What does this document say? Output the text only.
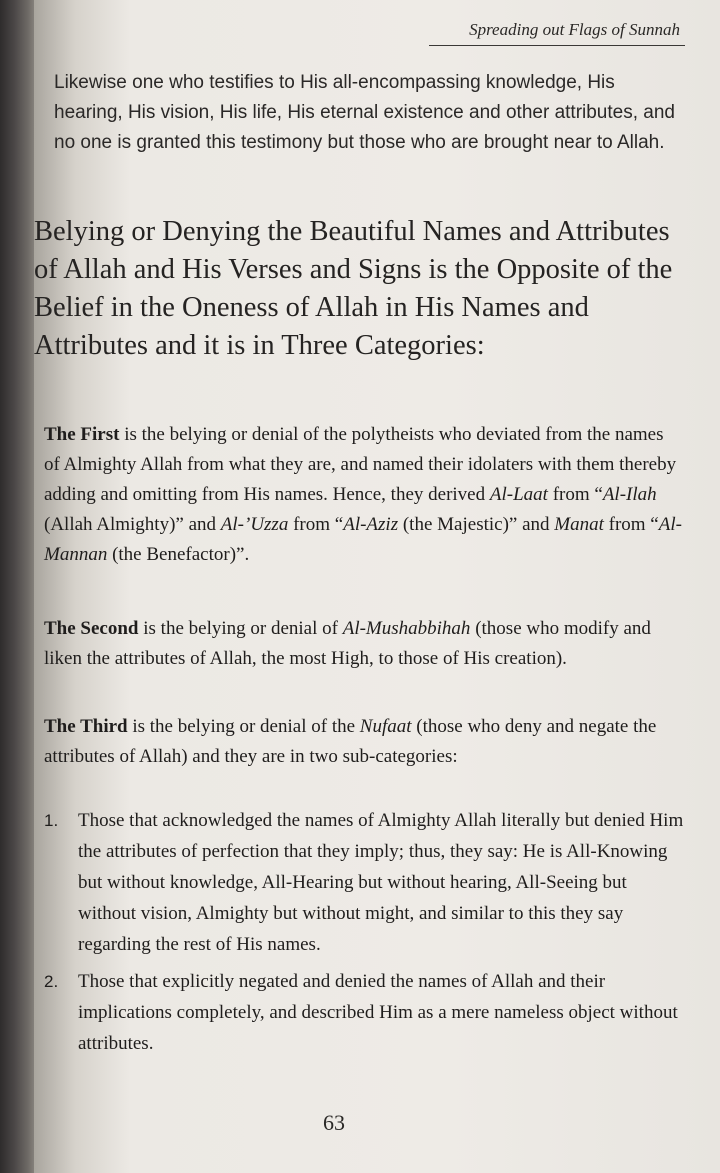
Spreading out Flags of Sunnah
Likewise one who testifies to His all-encompassing knowledge, His hearing, His vision, His life, His eternal existence and other attributes, and no one is granted this testimony but those who are brought near to Allah.
Belying or Denying the Beautiful Names and Attributes of Allah and His Verses and Signs is the Opposite of the Belief in the Oneness of Allah in His Names and Attributes and it is in Three Categories:
The First is the belying or denial of the polytheists who deviated from the names of Almighty Allah from what they are, and named their idolaters with them thereby adding and omitting from His names. Hence, they derived Al-Laat from “Al-Ilah (Allah Almighty)” and Al-’Uzza from “Al-Aziz (the Majestic)” and Manat from “Al-Mannan (the Benefactor)”.
The Second is the belying or denial of Al-Mushabbihah (those who modify and liken the attributes of Allah, the most High, to those of His creation).
The Third is the belying or denial of the Nufaat (those who deny and negate the attributes of Allah) and they are in two sub-categories:
1. Those that acknowledged the names of Almighty Allah literally but denied Him the attributes of perfection that they imply; thus, they say: He is All-Knowing but without knowledge, All-Hearing but without hearing, All-Seeing but without vision, Almighty but without might, and similar to this they say regarding the rest of His names.
2. Those that explicitly negated and denied the names of Allah and their implications completely, and described Him as a mere nameless object without attributes.
63
